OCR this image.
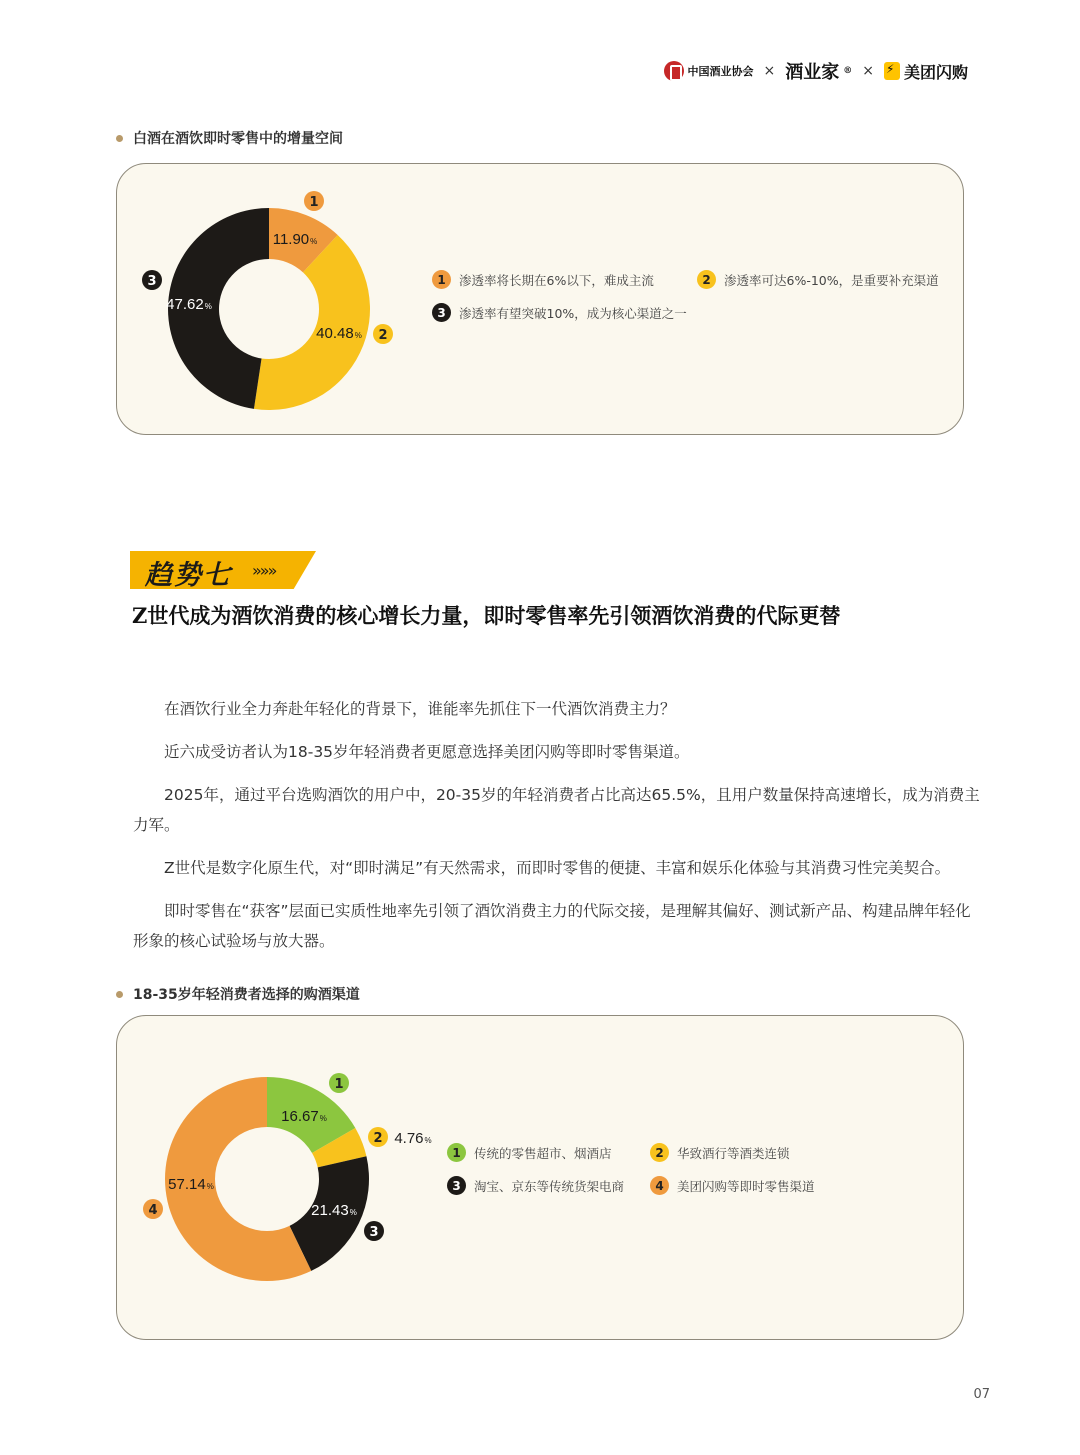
中国酒业协会 × 酒业家 ® ×
⚡ 美团闪购
白酒在酒饮即时零售中的增量空间
11.90%
40.48%
47.62%
1
2
3	1	渗透率将长期在6%以下，难成主流	2	渗透率可达6%-10%，是重要补充渠道
3	渗透率有望突破10%，成为核心渠道之一
趋势七 »»»
Z世代成为酒饮消费的核心增长力量，即时零售率先引领酒饮消费的代际更替

在酒饮行业全力奔赴年轻化的背景下，谁能率先抓住下一代酒饮消费主力？

近六成受访者认为18-35岁年轻消费者更愿意选择美团闪购等即时零售渠道。

2025年，通过平台选购酒饮的用户中，20-35岁的年轻消费者占比高达65.5%，且用户数量保持高速增长，成为消费主力军。

Z世代是数字化原生代，对“即时满足”有天然需求，而即时零售的便捷、丰富和娱乐化体验与其消费习性完美契合。

即时零售在“获客”层面已实质性地率先引领了酒饮消费主力的代际交接，是理解其偏好、测试新产品、构建品牌年轻化形象的核心试验场与放大器。

18-35岁年轻消费者选择的购酒渠道
16.67%
4.76%
21.43%
57.14%
1
2
3
4
1	传统的零售超市、烟酒店	2	华致酒行等酒类连锁
3	淘宝、京东等传统货架电商	4	美团闪购等即时零售渠道
07
